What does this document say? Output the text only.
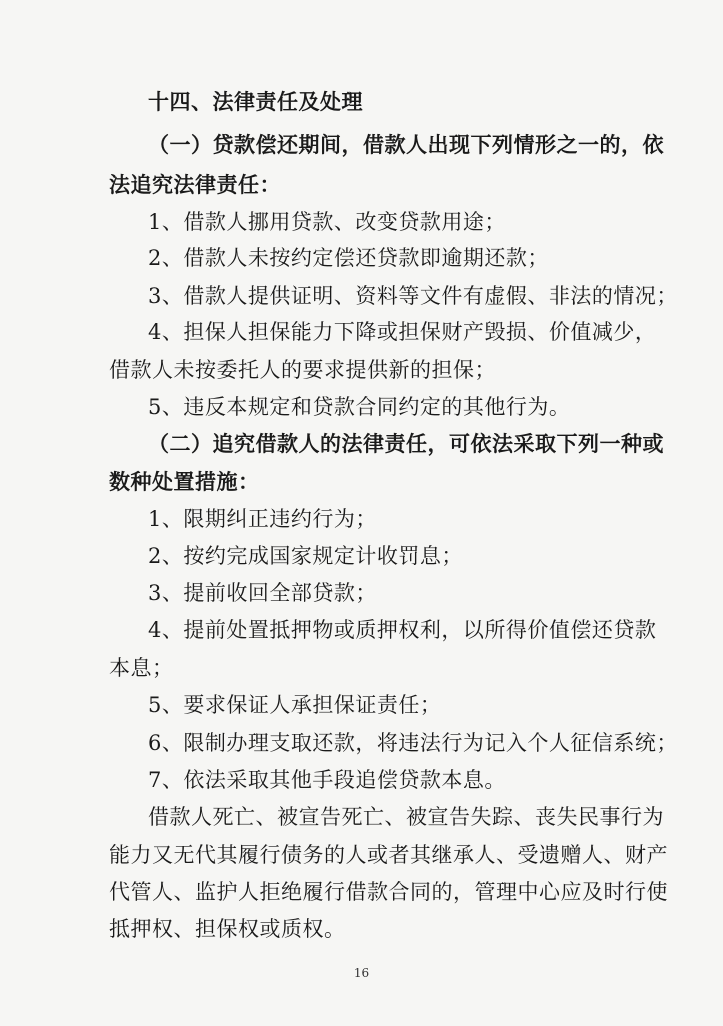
十四、法律责任及处理
（一）贷款偿还期间，借款人出现下列情形之一的，依
法追究法律责任：
1、借款人挪用贷款、改变贷款用途；
2、借款人未按约定偿还贷款即逾期还款；
3、借款人提供证明、资料等文件有虚假、非法的情况；
4、担保人担保能力下降或担保财产毁损、价值减少，
借款人未按委托人的要求提供新的担保；
5、违反本规定和贷款合同约定的其他行为。
（二）追究借款人的法律责任，可依法采取下列一种或
数种处置措施：
1、限期纠正违约行为；
2、按约完成国家规定计收罚息；
3、提前收回全部贷款；
4、提前处置抵押物或质押权利，以所得价值偿还贷款
本息；
5、要求保证人承担保证责任；
6、限制办理支取还款，将违法行为记入个人征信系统；
7、依法采取其他手段追偿贷款本息。
借款人死亡、被宣告死亡、被宣告失踪、丧失民事行为
能力又无代其履行债务的人或者其继承人、受遗赠人、财产
代管人、监护人拒绝履行借款合同的，管理中心应及时行使
抵押权、担保权或质权。
16
